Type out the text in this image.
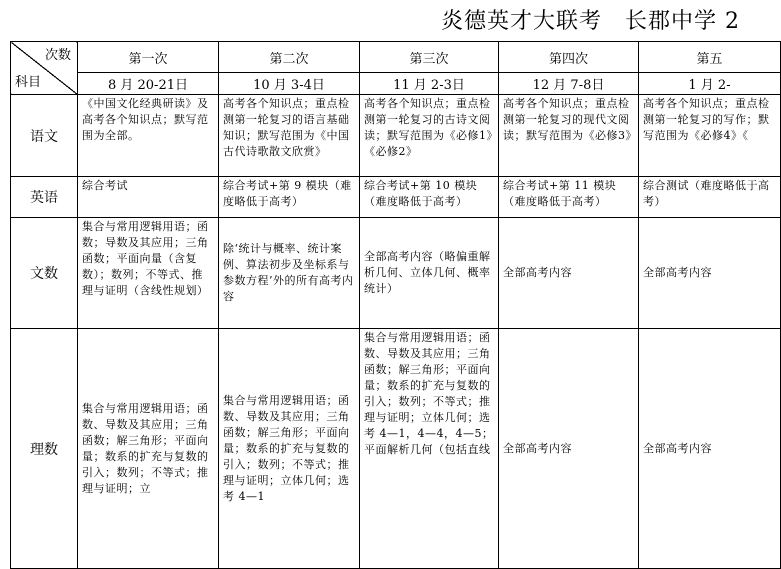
炎德英才大联考　长郡中学 2
次数
科目	第一次	第二次	第三次	第四次	第五
	8 月 20-21日	10 月 3-4日	11 月 2-3日	12 月 7-8日	1 月 2-
语文	《中国文化经典研读》及高考各个知识点；默写范围为全部。	高考各个知识点；重点检测第一轮复习的语言基础知识；默写范围为《中国古代诗歌散文欣赏》	高考各个知识点；重点检测第一轮复习的古诗文阅读；默写范围为《必修1》《必修2》	高考各个知识点；重点检测第一轮复习的现代文阅读；默写范围为《必修3》	高考各个知识点；重点检测第一轮复习的写作；默写范围为《必修4》《
英语	综合考试	综合考试+第 9 模块（难度略低于高考）	综合考试+第 10 模块（难度略低于高考）	综合考试+第 11 模块（难度略低于高考）	综合测试（难度略低于高考）
文数	集合与常用逻辑用语；函数；导数及其应用；三角函数；平面向量（含复数）；数列；不等式、推理与证明（含线性规划）	除‘统计与概率、统计案例、算法初步及坐标系与参数方程’外的所有高考内容	全部高考内容（略偏重解析几何、立体几何、概率统计）	全部高考内容	全部高考内容
理数	集合与常用逻辑用语；函数、导数及其应用；三角函数；解三角形；平面向量；数系的扩充与复数的引入；数列；不等式；推理与证明；立	集合与常用逻辑用语；函数、导数及其应用；三角函数；解三角形；平面向量；数系的扩充与复数的引入；数列；不等式；推理与证明；立体几何；选考 4—1	集合与常用逻辑用语；函数、导数及其应用；三角函数；解三角形；平面向量；数系的扩充与复数的引入；数列；不等式；推理与证明；立体几何；选考 4—1，4—4，4—5；平面解析几何（包括直线	全部高考内容	全部高考内容
